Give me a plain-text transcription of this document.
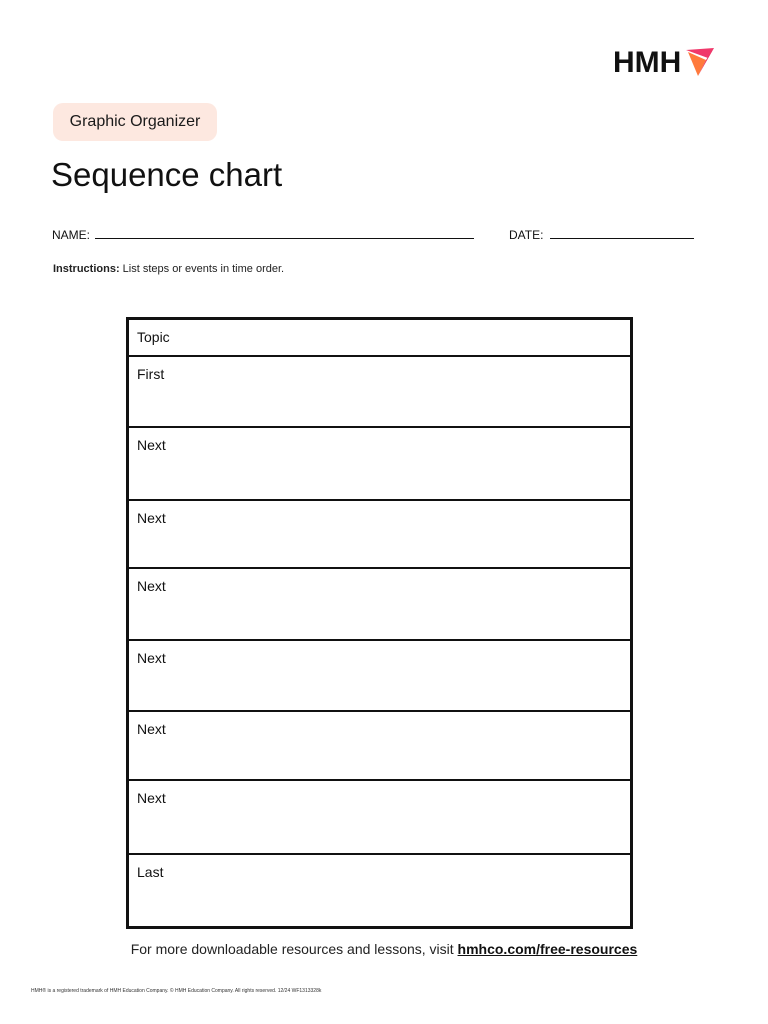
HMH
Graphic Organizer
Sequence chart
NAME:	DATE:
Instructions: List steps or events in time order.
Topic
First
Next
Next
Next
Next
Next
Next
Last
For more downloadable resources and lessons, visit hmhco.com/free-resources
HMH® is a registered trademark of HMH Education Company. © HMH Education Company. All rights reserved. 12/24 WF1313328k
